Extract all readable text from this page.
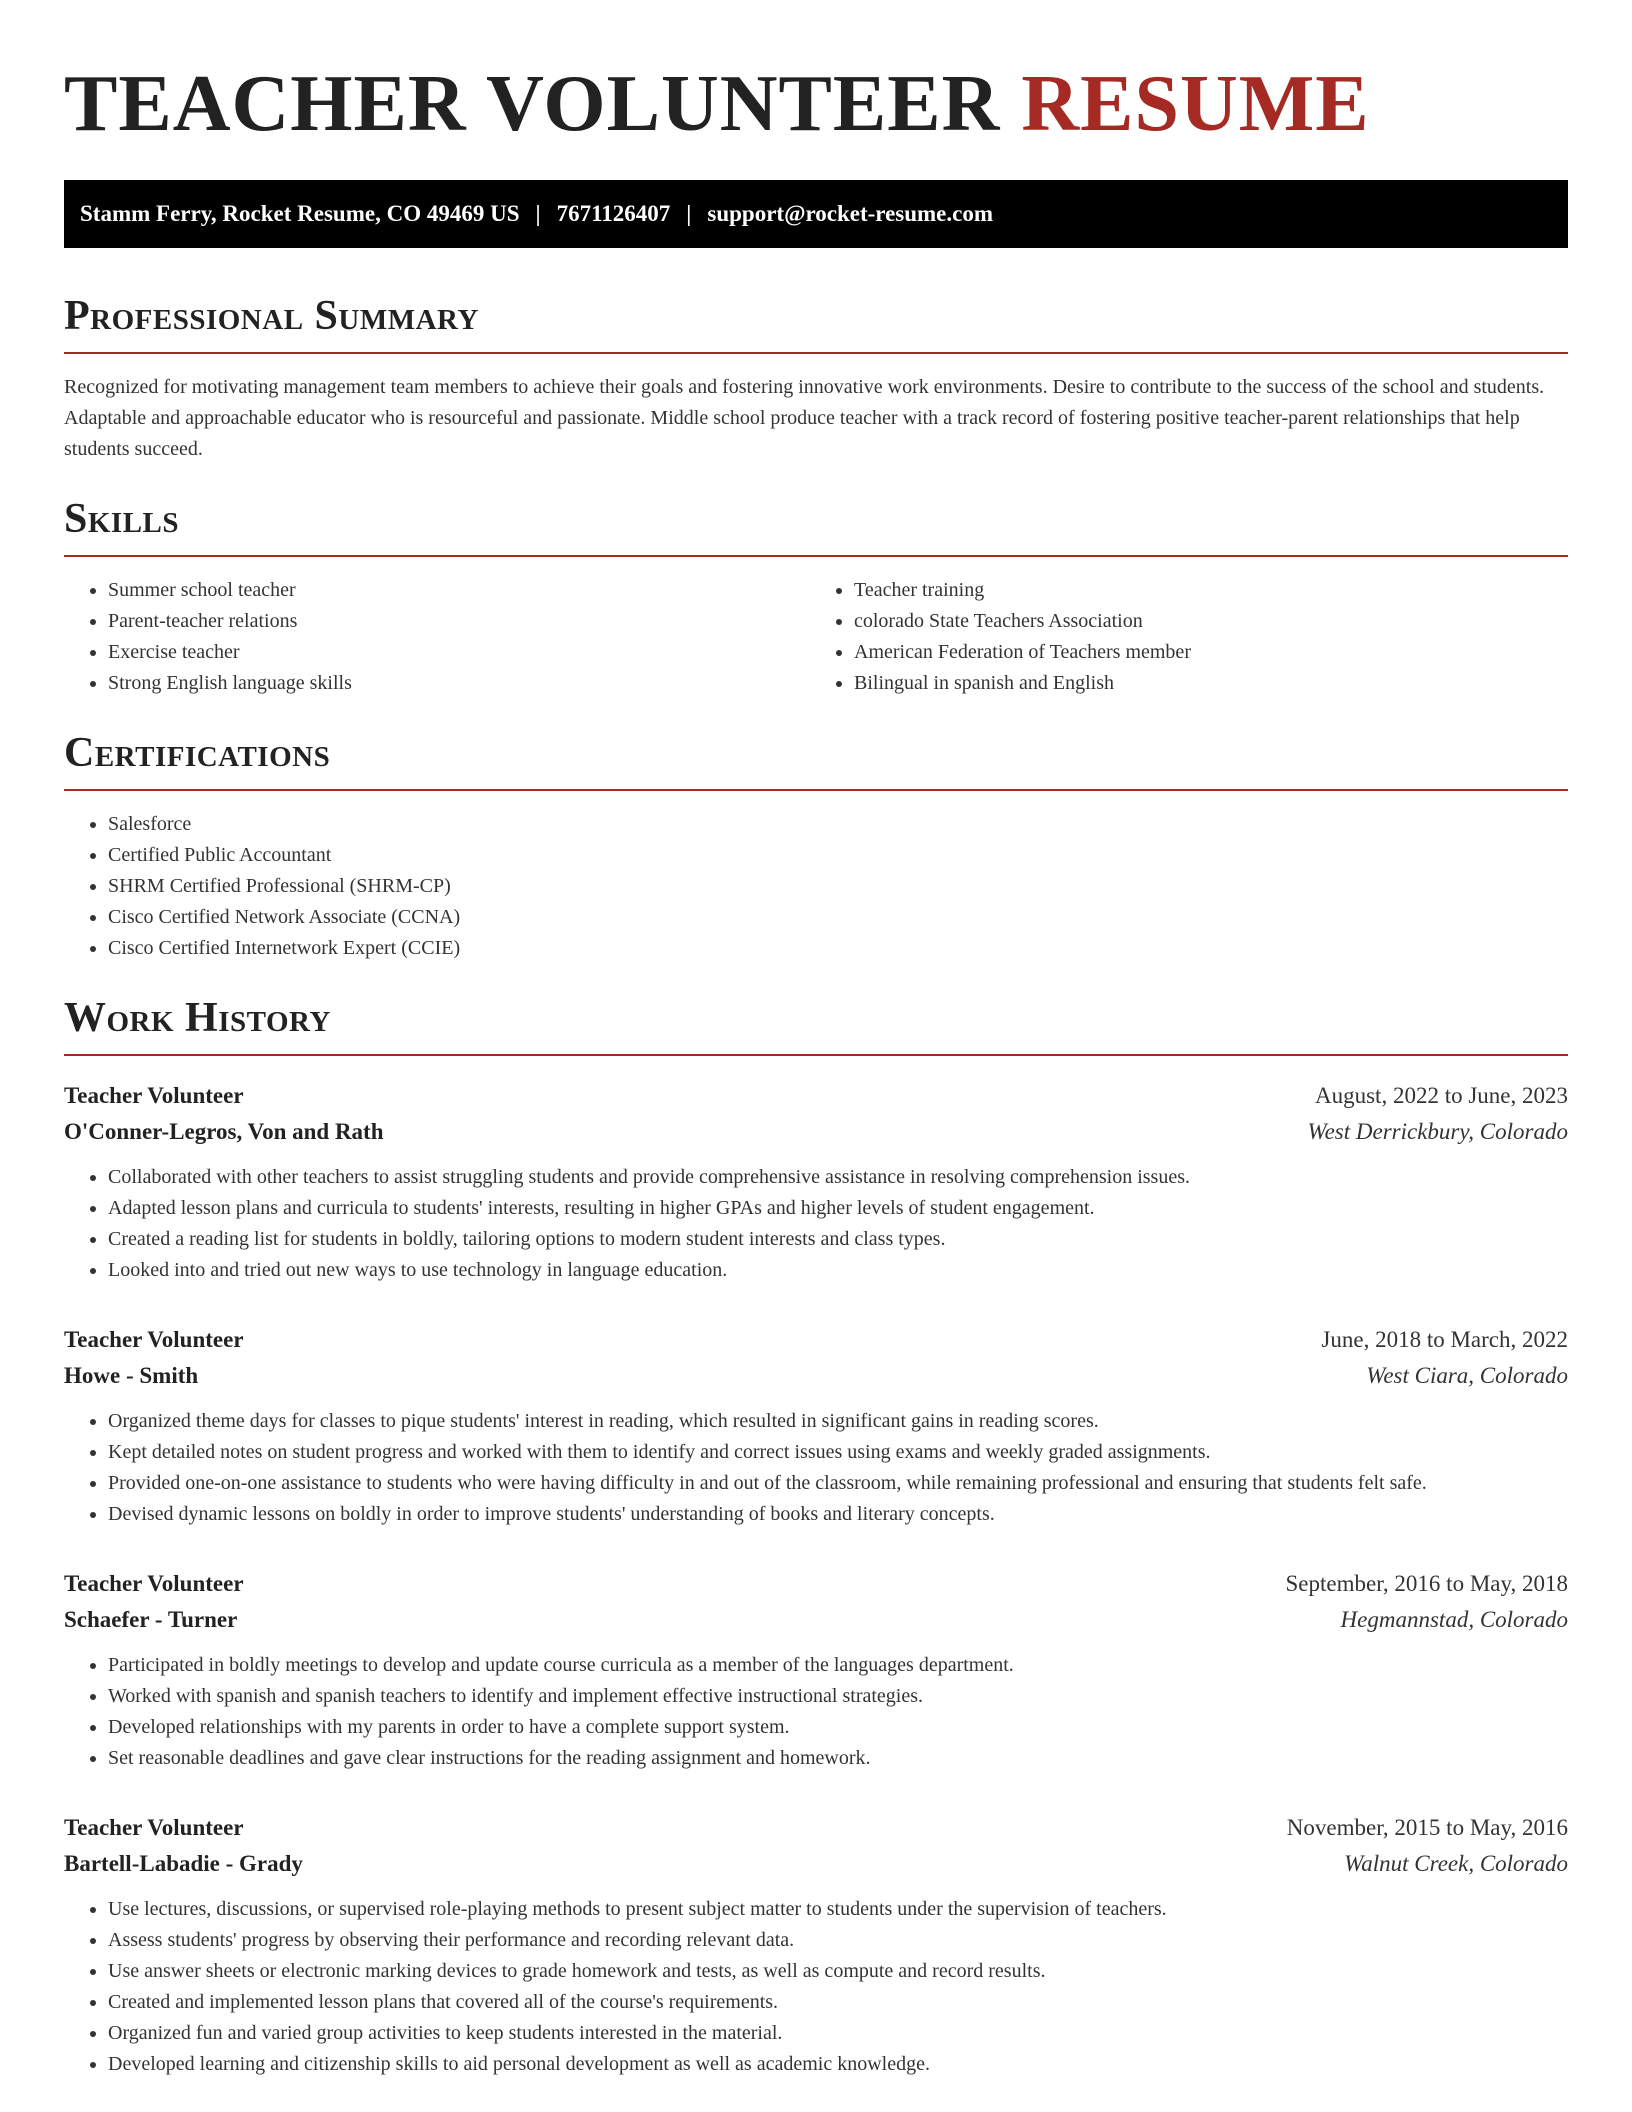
TEACHER VOLUNTEER RESUME
Stamm Ferry, Rocket Resume, CO 49469 US | 7671126407 | support@rocket-resume.com
Professional Summary

Recognized for motivating management team members to achieve their goals and fostering innovative work environments. Desire to contribute to the success of the school and students. Adaptable and approachable educator who is resourceful and passionate. Middle school produce teacher with a track record of fostering positive teacher-parent relationships that help students succeed.

Skills
• Summer school teacher
• Parent-teacher relations
• Exercise teacher
• Strong English language skills
• Teacher training
• colorado State Teachers Association
• American Federation of Teachers member
• Bilingual in spanish and English
Certifications
• Salesforce
• Certified Public Accountant
• SHRM Certified Professional (SHRM-CP)
• Cisco Certified Network Associate (CCNA)
• Cisco Certified Internetwork Expert (CCIE)
Work History
Teacher Volunteer	August, 2022 to June, 2023
O'Conner-Legros, Von and Rath	West Derrickbury, Colorado
• Collaborated with other teachers to assist struggling students and provide comprehensive assistance in resolving comprehension issues.
• Adapted lesson plans and curricula to students' interests, resulting in higher GPAs and higher levels of student engagement.
• Created a reading list for students in boldly, tailoring options to modern student interests and class types.
• Looked into and tried out new ways to use technology in language education.
Teacher Volunteer	June, 2018 to March, 2022
Howe - Smith	West Ciara, Colorado
• Organized theme days for classes to pique students' interest in reading, which resulted in significant gains in reading scores.
• Kept detailed notes on student progress and worked with them to identify and correct issues using exams and weekly graded assignments.
• Provided one-on-one assistance to students who were having difficulty in and out of the classroom, while remaining professional and ensuring that students felt safe.
• Devised dynamic lessons on boldly in order to improve students' understanding of books and literary concepts.
Teacher Volunteer	September, 2016 to May, 2018
Schaefer - Turner	Hegmannstad, Colorado
• Participated in boldly meetings to develop and update course curricula as a member of the languages department.
• Worked with spanish and spanish teachers to identify and implement effective instructional strategies.
• Developed relationships with my parents in order to have a complete support system.
• Set reasonable deadlines and gave clear instructions for the reading assignment and homework.
Teacher Volunteer	November, 2015 to May, 2016
Bartell-Labadie - Grady	Walnut Creek, Colorado
• Use lectures, discussions, or supervised role-playing methods to present subject matter to students under the supervision of teachers.
• Assess students' progress by observing their performance and recording relevant data.
• Use answer sheets or electronic marking devices to grade homework and tests, as well as compute and record results.
• Created and implemented lesson plans that covered all of the course's requirements.
• Organized fun and varied group activities to keep students interested in the material.
• Developed learning and citizenship skills to aid personal development as well as academic knowledge.
